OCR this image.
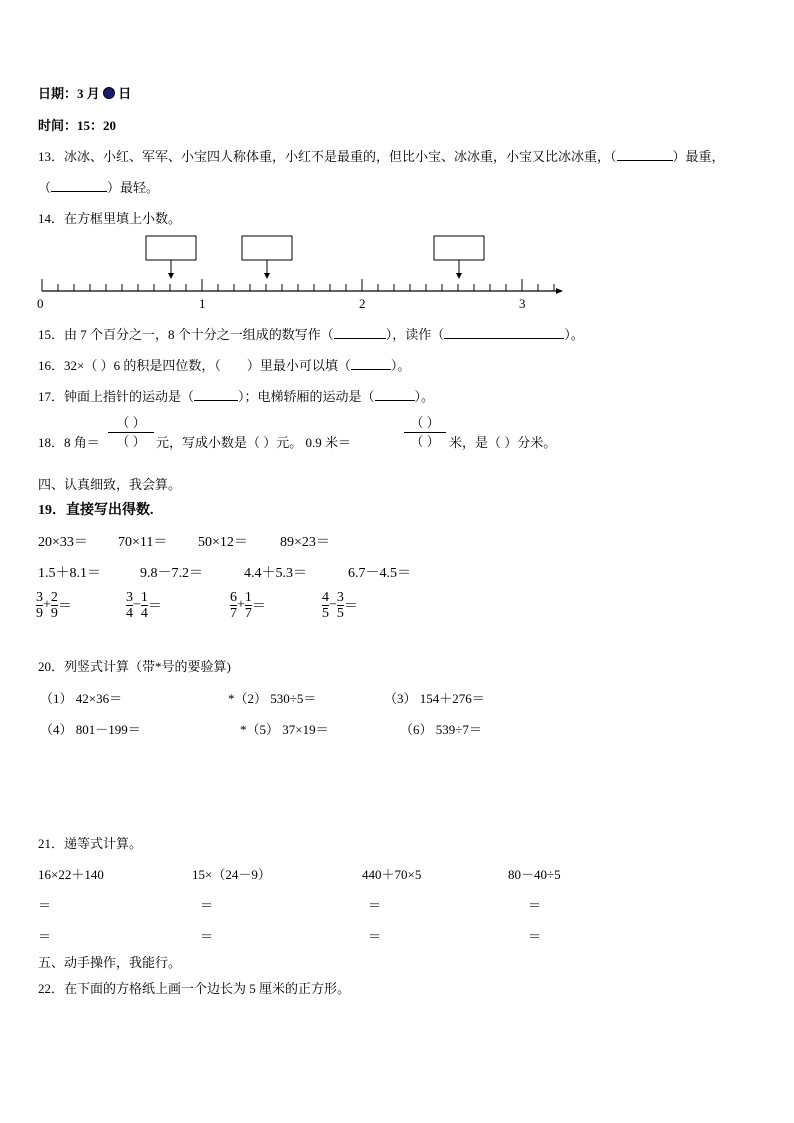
日期：3 月 日
时间：15：20
13．冰冰、小红、军军、小宝四人称体重，小红不是最重的，但比小宝、冰冰重，小宝又比冰冰重，（	）最重，
（	）最轻。
14．在方框里填上小数。
0	1	2	3
15．由 7 个百分之一，8 个十分之一组成的数写作（	），读作（	）。
16．32×（ ）6 的积是四位数，（ ）里最小可以填（	）。
17．钟面上指针的运动是（	）；电梯轿厢的运动是（	）。
18．8 角＝
（ ）
（ ） 元，写成小数是（ ）元。 0.9 米＝
（ ）
（ ） 米，是（ ）分米。
四、认真细致，我会算。
19．直接写出得数.
20×33＝ 70×11＝ 50×12＝ 89×23＝
1.5＋8.1＝	9.8－7.2＝	4.4＋5.3＝	6.7－4.5＝
$\frac{3}{9} + \frac{2}{9}$ ＝	$\frac{3}{4} - \frac{1}{4}$ ＝	$\frac{6}{7} + \frac{1}{7}$ ＝	$\frac{4}{5} - \frac{3}{5}$ ＝
20．列竖式计算（带*号的要验算)
（1） 42×36＝	*（2） 530÷5＝	（3） 154＋276＝
（4） 801－199＝	*（5） 37×19＝	（6） 539÷7＝
21．递等式计算。
16×22＋140	15×（24－9）	440＋70×5	80－40÷5
＝	＝	＝	＝
＝	＝	＝	＝
五、动手操作，我能行。
22．在下面的方格纸上画一个边长为 5 厘米的正方形。
